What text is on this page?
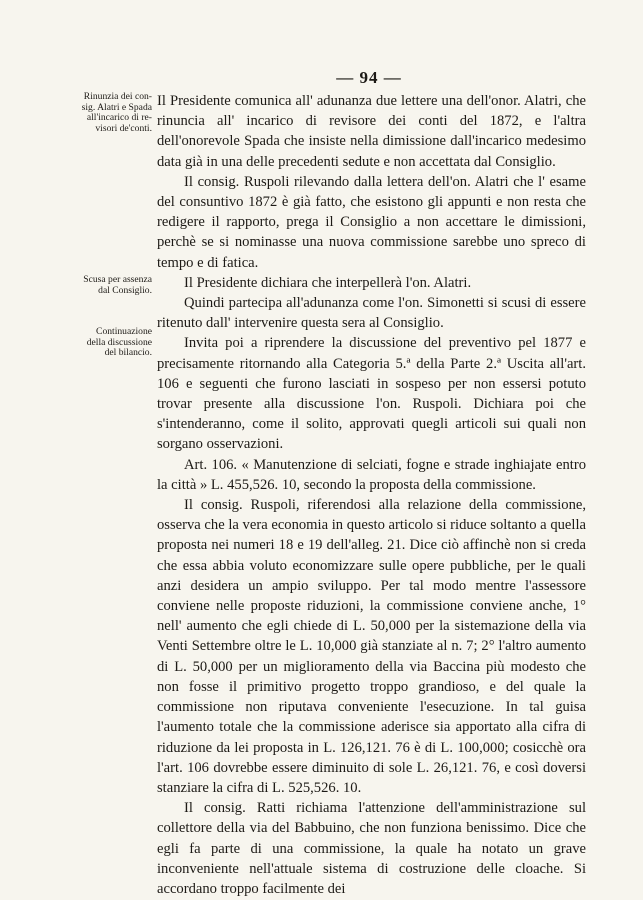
— 94 —
Rinunzia dei con-
sig. Alatri e Spada
all'incarico di re-
visori de'conti.
Scusa per assenza
dal Consiglio.
Continuazione
della discussione
del bilancio.

Il Presidente comunica all' adunanza due lettere una dell'onor. Alatri, che rinuncia all' incarico di revisore dei conti del 1872, e l'altra dell'onorevole Spada che insiste nella dimissione dall'incarico medesimo data già in una delle precedenti sedute e non accettata dal Consiglio.

Il consig. Ruspoli rilevando dalla lettera dell'on. Alatri che l' esame del consuntivo 1872 è già fatto, che esistono gli appunti e non resta che redigere il rapporto, prega il Consiglio a non accettare le dimissioni, perchè se si nominasse una nuova commissione sarebbe uno spreco di tempo e di fatica.

Il Presidente dichiara che interpellerà l'on. Alatri.

Quindi partecipa all'adunanza come l'on. Simonetti si scusi di essere ritenuto dall' intervenire questa sera al Consiglio.

Invita poi a riprendere la discussione del preventivo pel 1877 e precisamente ritornando alla Categoria 5.ª della Parte 2.ª Uscita all'art. 106 e seguenti che furono lasciati in sospeso per non essersi potuto trovar presente alla discussione l'on. Ruspoli. Dichiara poi che s'intenderanno, come il solito, approvati quegli articoli sui quali non sorgano osservazioni.

Art. 106. « Manutenzione di selciati, fogne e strade inghiajate entro la città » L. 455,526. 10, secondo la proposta della commissione.

Il consig. Ruspoli, riferendosi alla relazione della commissione, osserva che la vera economia in questo articolo si riduce soltanto a quella proposta nei numeri 18 e 19 dell'alleg. 21. Dice ciò affinchè non si creda che essa abbia voluto economizzare sulle opere pubbliche, per le quali anzi desidera un ampio sviluppo. Per tal modo mentre l'assessore conviene nelle proposte riduzioni, la commissione conviene anche, 1° nell' aumento che egli chiede di L. 50,000 per la sistemazione della via Venti Settembre oltre le L. 10,000 già stanziate al n. 7; 2° l'altro aumento di L. 50,000 per un miglioramento della via Baccina più modesto che non fosse il primitivo progetto troppo grandioso, e del quale la commissione non riputava conveniente l'esecuzione. In tal guisa l'aumento totale che la commissione aderisce sia apportato alla cifra di riduzione da lei proposta in L. 126,121. 76 è di L. 100,000; cosicchè ora l'art. 106 dovrebbe essere diminuito di sole L. 26,121. 76, e così doversi stanziare la cifra di L. 525,526. 10.

Il consig. Ratti richiama l'attenzione dell'amministrazione sul collettore della via del Babbuino, che non funziona benissimo. Dice che egli fa parte di una commissione, la quale ha notato un grave inconveniente nell'attuale sistema di costruzione delle cloache. Si accordano troppo facilmente dei
